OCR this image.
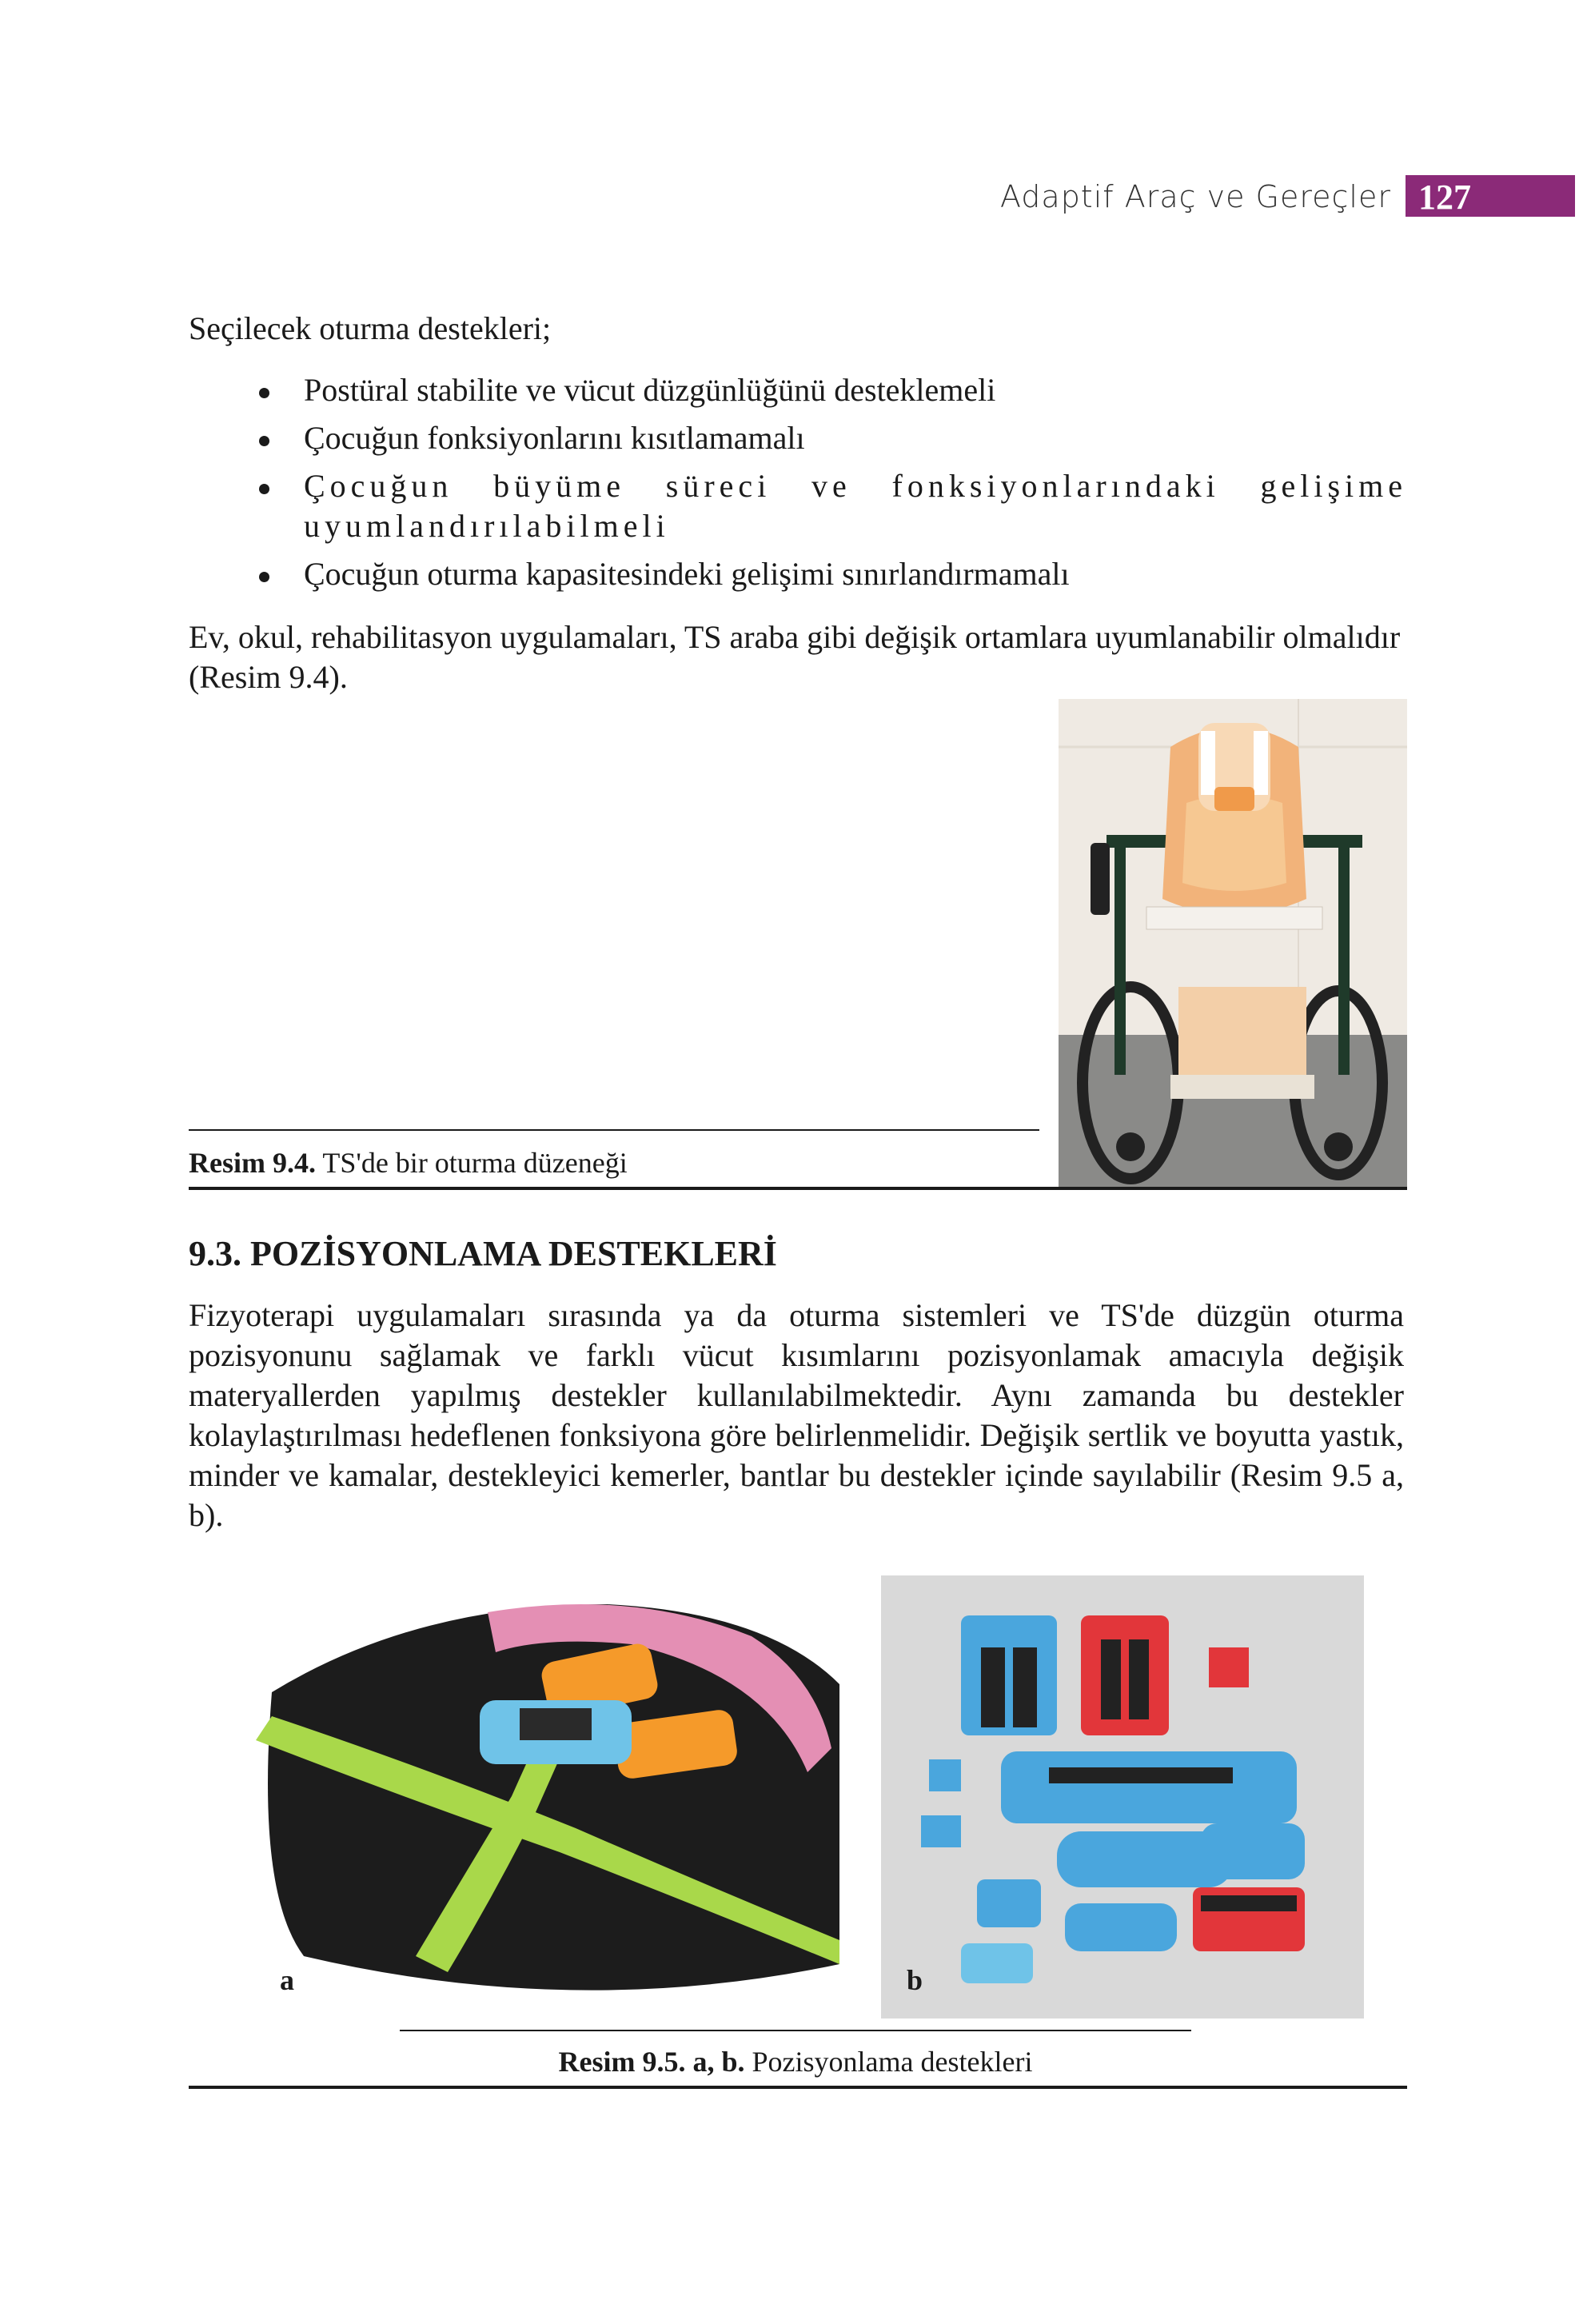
Adaptif Araç ve Gereçler 127
Seçilecek oturma destekleri;
Postüral stabilite ve vücut düzgünlüğünü desteklemeli
Çocuğun fonksiyonlarını kısıtlamamalı
Çocuğun büyüme süreci ve fonksiyonlarındaki gelişime uyumlandırılabilmeli
Çocuğun oturma kapasitesindeki gelişimi sınırlandırmamalı
Ev, okul, rehabilitasyon uygulamaları, TS araba gibi değişik ortamlara uyumlanabilir olmalıdır (Resim 9.4).
Resim 9.4. TS'de bir oturma düzeneği
9.3. POZİSYONLAMA DESTEKLERİ
Fizyoterapi uygulamaları sırasında ya da oturma sistemleri ve TS'de düzgün oturma pozisyonunu sağlamak ve farklı vücut kısımlarını pozisyonlamak amacıyla değişik materyallerden yapılmış destekler kullanılabilmektedir. Aynı zamanda bu destekler kolaylaştırılması hedeflenen fonksiyona göre belirlenmelidir. Değişik sertlik ve boyutta yastık, minder ve kamalar, destekleyici kemerler, bantlar bu destekler içinde sayılabilir (Resim 9.5 a, b).
a	b
Resim 9.5. a, b. Pozisyonlama destekleri
